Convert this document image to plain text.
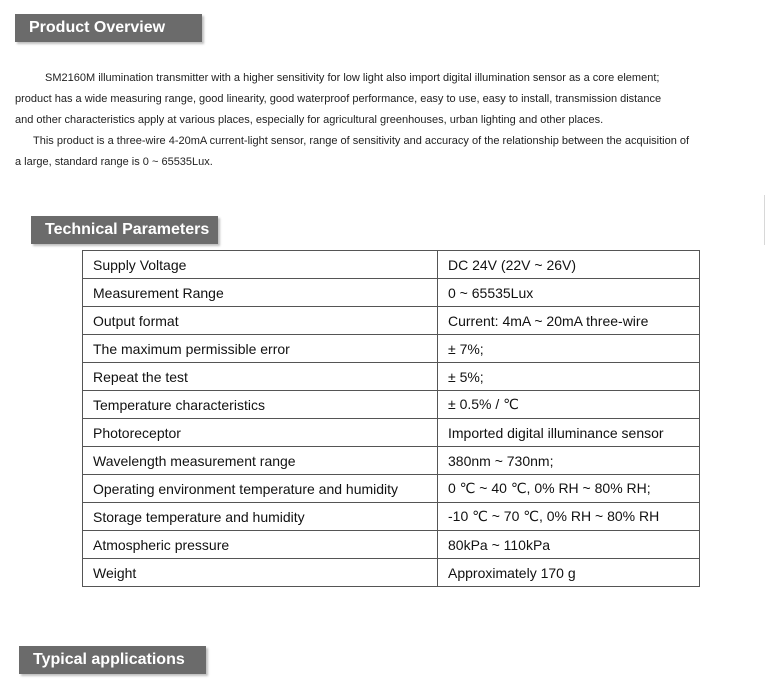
Product Overview
SM2160M illumination transmitter with a higher sensitivity for low light also import digital illumination sensor as a core element;
product has a wide measuring range, good linearity, good waterproof performance, easy to use, easy to install, transmission distance
and other characteristics apply at various places, especially for agricultural greenhouses, urban lighting and other places.
This product is a three-wire 4-20mA current-light sensor, range of sensitivity and accuracy of the relationship between the acquisition of
a large, standard range is 0 ~ 65535Lux.
Technical Parameters
Supply Voltage	DC 24V (22V ~ 26V)
Measurement Range	0 ~ 65535Lux
Output format	Current: 4mA ~ 20mA three-wire
The maximum permissible error	± 7%;
Repeat the test	± 5%;
Temperature characteristics	± 0.5% / ℃
Photoreceptor	Imported digital illuminance sensor
Wavelength measurement range	380nm ~ 730nm;
Operating environment temperature and humidity	0 ℃ ~ 40 ℃, 0% RH ~ 80% RH;
Storage temperature and humidity	-10 ℃ ~ 70 ℃, 0% RH ~ 80% RH
Atmospheric pressure	80kPa ~ 110kPa
Weight	Approximately 170 g
Typical applications
